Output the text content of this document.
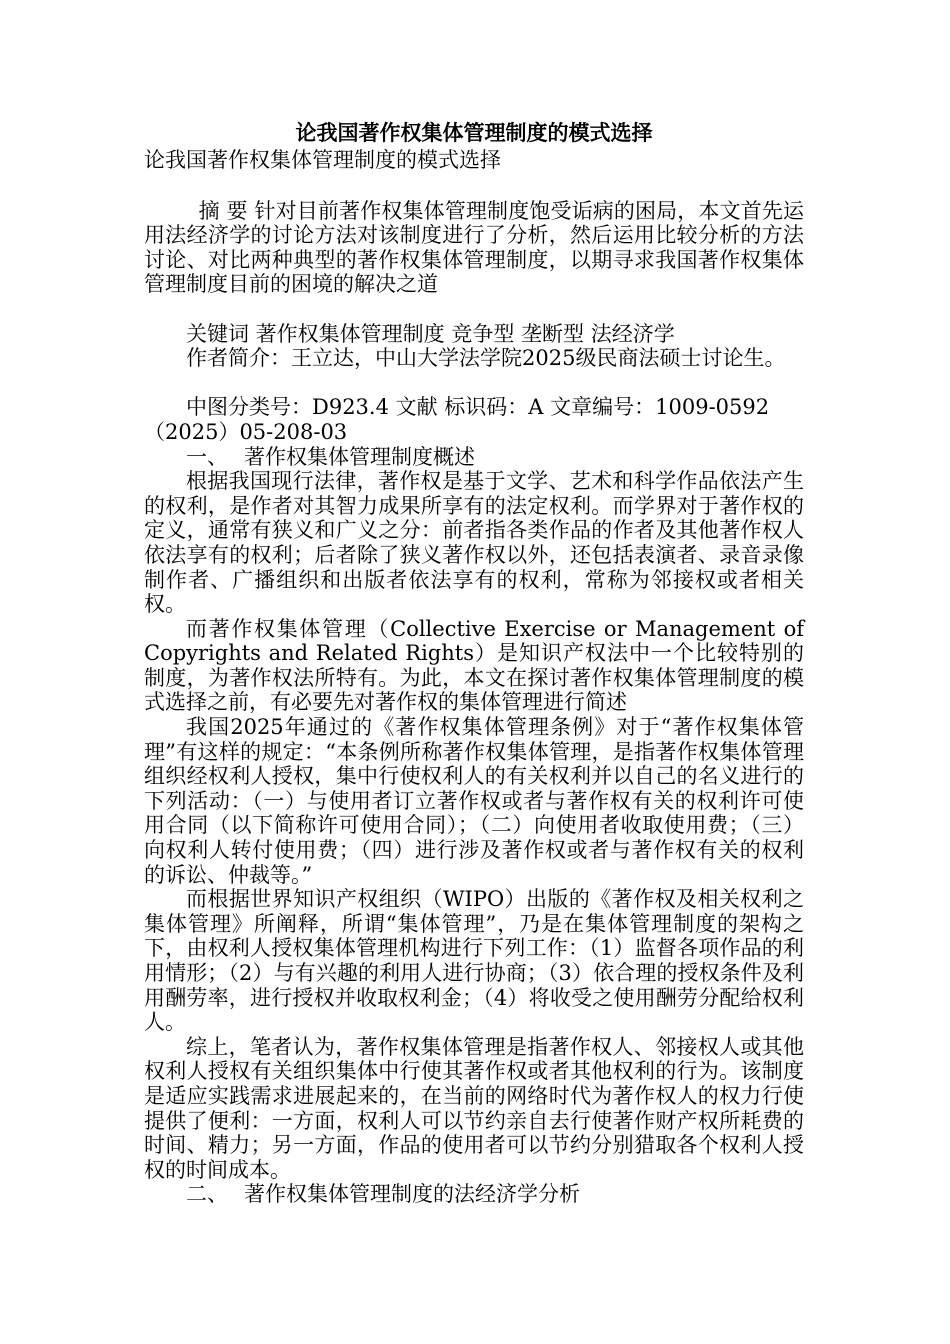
论我国著作权集体管理制度的模式选择

论我国著作权集体管理制度的模式选择

摘 要 针对目前著作权集体管理制度饱受诟病的困局，本文首先运用法经济学的讨论方法对该制度进行了分析，然后运用比较分析的方法讨论、对比两种典型的著作权集体管理制度，以期寻求我国著作权集体管理制度目前的困境的解决之道

关键词 著作权集体管理制度 竞争型 垄断型 法经济学

作者简介：王立达，中山大学法学院2025级民商法硕士讨论生。

中图分类号：D923.4 文献 标识码：A 文章编号：1009-0592（2025）05-208-03

一、 著作权集体管理制度概述

根据我国现行法律，著作权是基于文学、艺术和科学作品依法产生的权利，是作者对其智力成果所享有的法定权利。而学界对于著作权的定义，通常有狭义和广义之分：前者指各类作品的作者及其他著作权人依法享有的权利；后者除了狭义著作权以外，还包括表演者、录音录像制作者、广播组织和出版者依法享有的权利，常称为邻接权或者相关权。

而著作权集体管理（Collective Exercise or Management of Copyrights and Related Rights）是知识产权法中一个比较特别的制度，为著作权法所特有。为此，本文在探讨著作权集体管理制度的模式选择之前，有必要先对著作权的集体管理进行简述

我国2025年通过的《著作权集体管理条例》对于“著作权集体管理”有这样的规定：“本条例所称著作权集体管理，是指著作权集体管理组织经权利人授权，集中行使权利人的有关权利并以自己的名义进行的下列活动：（一）与使用者订立著作权或者与著作权有关的权利许可使用合同（以下简称许可使用合同）；（二）向使用者收取使用费；（三）向权利人转付使用费；（四）进行涉及著作权或者与著作权有关的权利的诉讼、仲裁等。”

而根据世界知识产权组织（WIPO）出版的《著作权及相关权利之集体管理》所阐释，所谓“集体管理”，乃是在集体管理制度的架构之下，由权利人授权集体管理机构进行下列工作：（1）监督各项作品的利用情形；（2）与有兴趣的利用人进行协商；（3）依合理的授权条件及利用酬劳率，进行授权并收取权利金；（4）将收受之使用酬劳分配给权利人。

综上，笔者认为，著作权集体管理是指著作权人、邻接权人或其他权利人授权有关组织集体中行使其著作权或者其他权利的行为。该制度是适应实践需求进展起来的，在当前的网络时代为著作权人的权力行使提供了便利：一方面，权利人可以节约亲自去行使著作财产权所耗费的时间、精力；另一方面，作品的使用者可以节约分别猎取各个权利人授权的时间成本。

二、 著作权集体管理制度的法经济学分析
